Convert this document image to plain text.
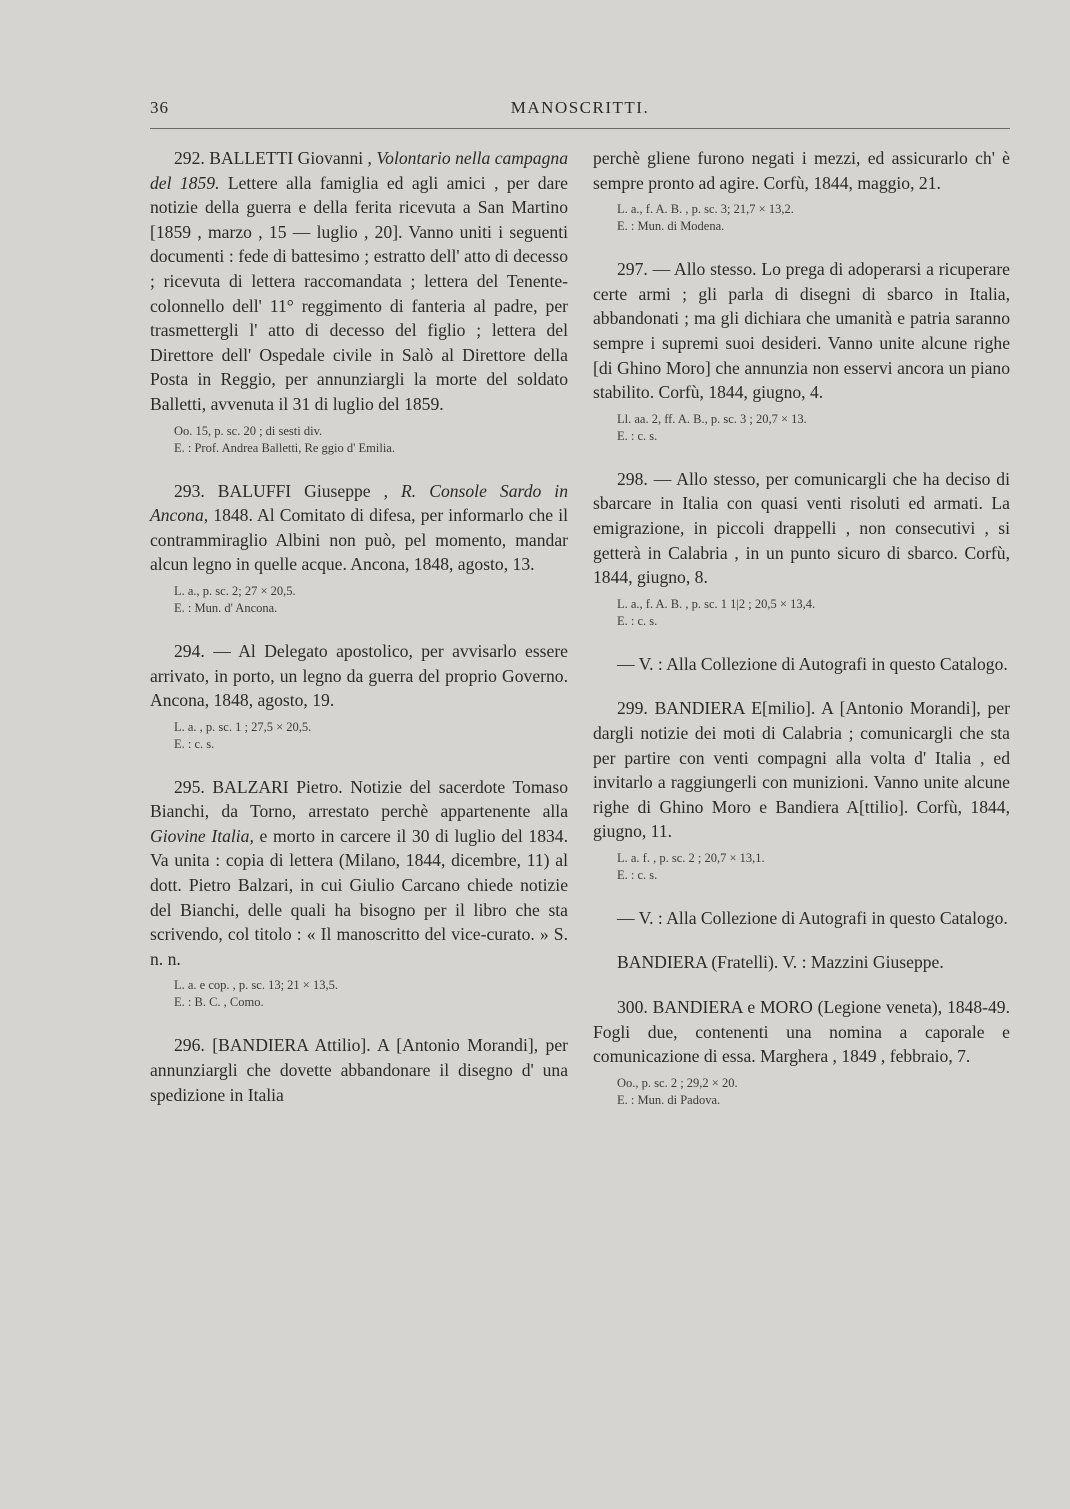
36	MANOSCRITTI.
292. BALLETTI Giovanni , Volontario nella campagna del 1859. Lettere alla famiglia ed agli amici , per dare notizie della guerra e della ferita ricevuta a San Martino [1859 , marzo , 15 — luglio , 20]. Vanno uniti i seguenti documenti : fede di battesimo ; estratto dell' atto di decesso ; ricevuta di lettera raccomandata ; lettera del Tenente-colonnello dell' 11° reggimento di fanteria al padre, per trasmettergli l' atto di decesso del figlio ; lettera del Direttore dell' Ospedale civile in Salò al Direttore della Posta in Reggio, per annunziargli la morte del soldato Balletti, avvenuta il 31 di luglio del 1859.
Oo. 15, p. sc. 20 ; di sesti div.
E. : Prof. Andrea Balletti, Re ggio d' Emilia.
293. BALUFFI Giuseppe , R. Console Sardo in Ancona, 1848. Al Comitato di difesa, per informarlo che il contrammiraglio Albini non può, pel momento, mandar alcun legno in quelle acque. Ancona, 1848, agosto, 13.
L. a., p. sc. 2; 27 × 20,5.
E. : Mun. d' Ancona.
294. — Al Delegato apostolico, per avvisarlo essere arrivato, in porto, un legno da guerra del proprio Governo. Ancona, 1848, agosto, 19.
L. a. , p. sc. 1 ; 27,5 × 20,5.
E. : c. s.
295. BALZARI Pietro. Notizie del sacerdote Tomaso Bianchi, da Torno, arrestato perchè appartenente alla Giovine Italia, e morto in carcere il 30 di luglio del 1834. Va unita : copia di lettera (Milano, 1844, dicembre, 11) al dott. Pietro Balzari, in cui Giulio Carcano chiede notizie del Bianchi, delle quali ha bisogno per il libro che sta scrivendo, col titolo : « Il manoscritto del vice-curato. » S. n. n.
L. a. e cop. , p. sc. 13; 21 × 13,5.
E. : B. C. , Como.
296. [BANDIERA Attilio]. A [Antonio Morandi], per annunziargli che dovette abbandonare il disegno d' una spedizione in Italia
perchè gliene furono negati i mezzi, ed assicurarlo ch' è sempre pronto ad agire. Corfù, 1844, maggio, 21.
L. a., f. A. B. , p. sc. 3; 21,7 × 13,2.
E. : Mun. di Modena.
297. — Allo stesso. Lo prega di adoperarsi a ricuperare certe armi ; gli parla di disegni di sbarco in Italia, abbandonati ; ma gli dichiara che umanità e patria saranno sempre i supremi suoi desideri. Vanno unite alcune righe [di Ghino Moro] che annunzia non esservi ancora un piano stabilito. Corfù, 1844, giugno, 4.
Ll. aa. 2, ff. A. B., p. sc. 3 ; 20,7 × 13.
E. : c. s.
298. — Allo stesso, per comunicargli che ha deciso di sbarcare in Italia con quasi venti risoluti ed armati. La emigrazione, in piccoli drappelli , non consecutivi , si getterà in Calabria , in un punto sicuro di sbarco. Corfù, 1844, giugno, 8.
L. a., f. A. B. , p. sc. 1 1|2 ; 20,5 × 13,4.
E. : c. s.
— V. : Alla Collezione di Autografi in questo Catalogo.
299. BANDIERA E[milio]. A [Antonio Morandi], per dargli notizie dei moti di Calabria ; comunicargli che sta per partire con venti compagni alla volta d' Italia , ed invitarlo a raggiungerli con munizioni. Vanno unite alcune righe di Ghino Moro e Bandiera A[ttilio]. Corfù, 1844, giugno, 11.
L. a. f. , p. sc. 2 ; 20,7 × 13,1.
E. : c. s.
— V. : Alla Collezione di Autografi in questo Catalogo.
BANDIERA (Fratelli). V. : Mazzini Giuseppe.
300. BANDIERA e MORO (Legione veneta), 1848-49. Fogli due, contenenti una nomina a caporale e comunicazione di essa. Marghera , 1849 , febbraio, 7.
Oo., p. sc. 2 ; 29,2 × 20.
E. : Mun. di Padova.
